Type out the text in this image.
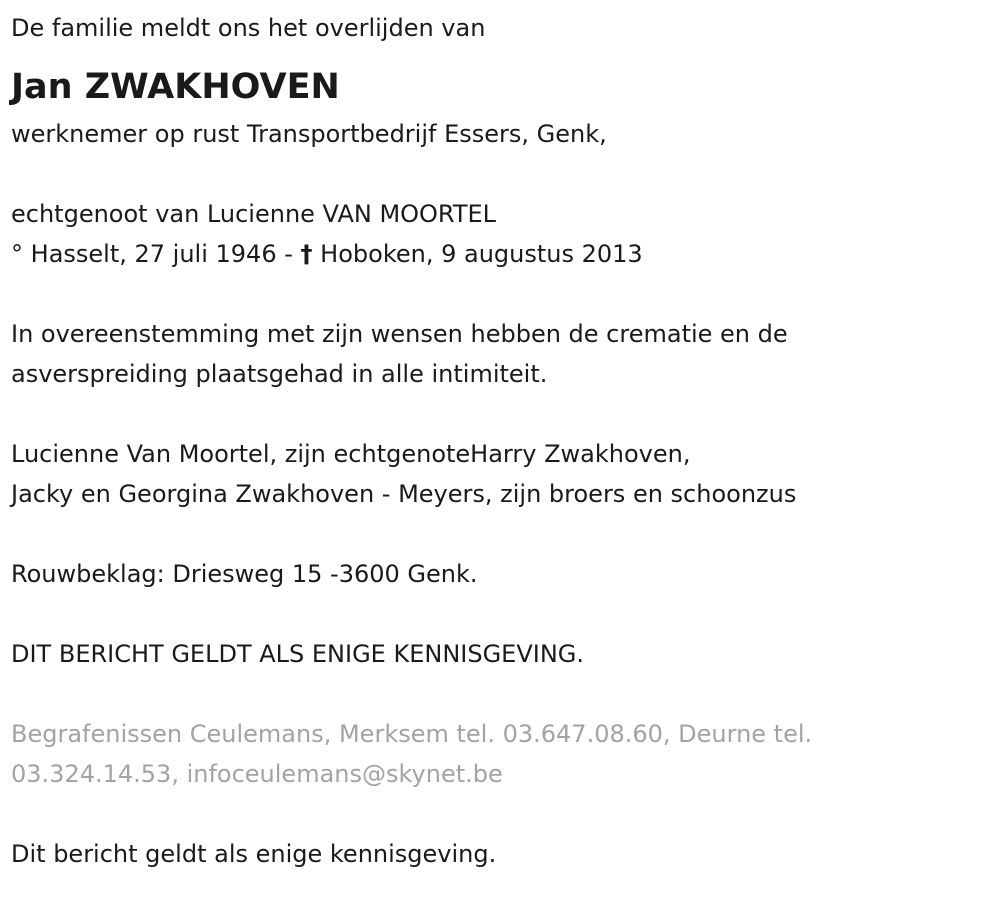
De familie meldt ons het overlijden van

Jan ZWAKHOVEN

werknemer op rust Transportbedrijf Essers, Genk,

echtgenoot van Lucienne VAN MOORTEL

° Hasselt, 27 juli 1946 - † Hoboken, 9 augustus 2013

In overeenstemming met zijn wensen hebben de crematie en de

asverspreiding plaatsgehad in alle intimiteit.

Lucienne Van Moortel, zijn echtgenoteHarry Zwakhoven,

Jacky en Georgina Zwakhoven - Meyers, zijn broers en schoonzus

Rouwbeklag: Driesweg 15 -3600 Genk.

DIT BERICHT GELDT ALS ENIGE KENNISGEVING.

Begrafenissen Ceulemans, Merksem tel. 03.647.08.60, Deurne tel.

03.324.14.53, infoceulemans@skynet.be

Dit bericht geldt als enige kennisgeving.
